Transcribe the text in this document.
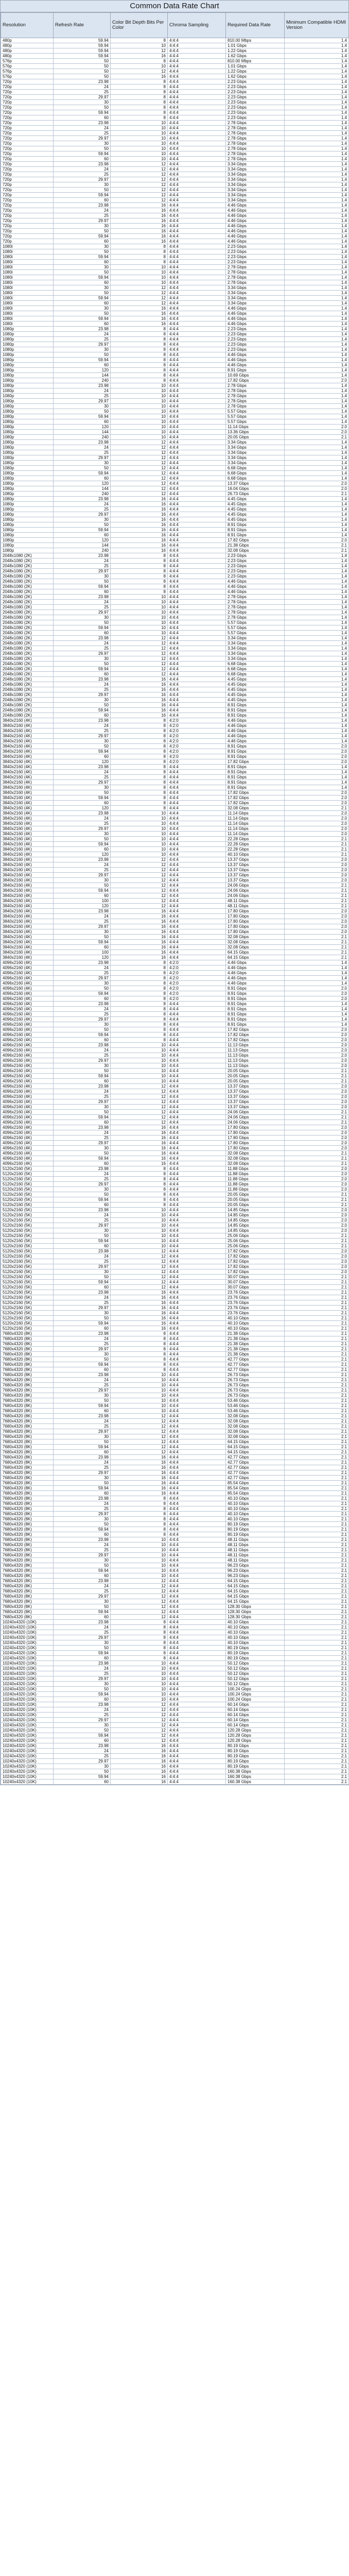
Common Data Rate Chart
Resolution	Refresh Rate	Color Bit Depth Bits Per Color	Chroma Sampling	Required Data Rate	Minimum Compatible HDMI Version
480p	59.94	8	4:4:4	810.00 Mbps	1.4
480p	59.94	10	4:4:4	1.01 Gbps	1.4
480p	59.94	12	4:4:4	1.22 Gbps	1.4
480p	59.94	16	4:4:4	1.62 Gbps	1.4
576p	50	8	4:4:4	810.00 Mbps	1.4
576p	50	10	4:4:4	1.01 Gbps	1.4
576p	50	12	4:4:4	1.22 Gbps	1.4
576p	50	16	4:4:4	1.62 Gbps	1.4
720p	23.98	8	4:4:4	2.23 Gbps	1.4
720p	24	8	4:4:4	2.23 Gbps	1.4
720p	25	8	4:4:4	2.23 Gbps	1.4
720p	29.97	8	4:4:4	2.23 Gbps	1.4
720p	30	8	4:4:4	2.23 Gbps	1.4
720p	50	8	4:4:4	2.23 Gbps	1.4
720p	59.94	8	4:4:4	2.23 Gbps	1.4
720p	60	8	4:4:4	2.23 Gbps	1.4
720p	23.98	10	4:4:4	2.78 Gbps	1.4
720p	24	10	4:4:4	2.78 Gbps	1.4
720p	25	10	4:4:4	2.78 Gbps	1.4
720p	29.97	10	4:4:4	2.78 Gbps	1.4
720p	30	10	4:4:4	2.78 Gbps	1.4
720p	50	10	4:4:4	2.78 Gbps	1.4
720p	59.94	10	4:4:4	2.78 Gbps	1.4
720p	60	10	4:4:4	2.78 Gbps	1.4
720p	23.98	12	4:4:4	3.34 Gbps	1.4
720p	24	12	4:4:4	3.34 Gbps	1.4
720p	25	12	4:4:4	3.34 Gbps	1.4
720p	29.97	12	4:4:4	3.34 Gbps	1.4
720p	30	12	4:4:4	3.34 Gbps	1.4
720p	50	12	4:4:4	3.34 Gbps	1.4
720p	59.94	12	4:4:4	3.34 Gbps	1.4
720p	60	12	4:4:4	3.34 Gbps	1.4
720p	23.98	16	4:4:4	4.46 Gbps	1.4
720p	24	16	4:4:4	4.46 Gbps	1.4
720p	25	16	4:4:4	4.46 Gbps	1.4
720p	29.97	16	4:4:4	4.46 Gbps	1.4
720p	30	16	4:4:4	4.46 Gbps	1.4
720p	50	16	4:4:4	4.46 Gbps	1.4
720p	59.94	16	4:4:4	4.46 Gbps	1.4
720p	60	16	4:4:4	4.46 Gbps	1.4
1080i	30	8	4:4:4	2.23 Gbps	1.4
1080i	50	8	4:4:4	2.23 Gbps	1.4
1080i	59.94	8	4:4:4	2.23 Gbps	1.4
1080i	60	8	4:4:4	2.23 Gbps	1.4
1080i	30	10	4:4:4	2.78 Gbps	1.4
1080i	50	10	4:4:4	2.78 Gbps	1.4
1080i	59.94	10	4:4:4	2.78 Gbps	1.4
1080i	60	10	4:4:4	2.78 Gbps	1.4
1080i	30	12	4:4:4	3.34 Gbps	1.4
1080i	50	12	4:4:4	3.34 Gbps	1.4
1080i	59.94	12	4:4:4	3.34 Gbps	1.4
1080i	60	12	4:4:4	3.34 Gbps	1.4
1080i	30	16	4:4:4	4.46 Gbps	1.4
1080i	50	16	4:4:4	4.46 Gbps	1.4
1080i	59.94	16	4:4:4	4.46 Gbps	1.4
1080i	60	16	4:4:4	4.46 Gbps	1.4
1080p	23.98	8	4:4:4	2.23 Gbps	1.4
1080p	24	8	4:4:4	2.23 Gbps	1.4
1080p	25	8	4:4:4	2.23 Gbps	1.4
1080p	29.97	8	4:4:4	2.23 Gbps	1.4
1080p	30	8	4:4:4	2.23 Gbps	1.4
1080p	50	8	4:4:4	4.46 Gbps	1.4
1080p	59.94	8	4:4:4	4.46 Gbps	1.4
1080p	60	8	4:4:4	4.46 Gbps	1.4
1080p	120	8	4:4:4	8.91 Gbps	1.4
1080p	144	8	4:4:4	10.69 Gbps	1.4
1080p	240	8	4:4:4	17.82 Gbps	2.0
1080p	23.98	10	4:4:4	2.78 Gbps	1.4
1080p	24	10	4:4:4	2.78 Gbps	1.4
1080p	25	10	4:4:4	2.78 Gbps	1.4
1080p	29.97	10	4:4:4	2.78 Gbps	1.4
1080p	30	10	4:4:4	2.78 Gbps	1.4
1080p	50	10	4:4:4	5.57 Gbps	1.4
1080p	59.94	10	4:4:4	5.57 Gbps	1.4
1080p	60	10	4:4:4	5.57 Gbps	1.4
1080p	120	10	4:4:4	11.14 Gbps	2.0
1080p	144	10	4:4:4	13.36 Gbps	2.0
1080p	240	10	4:4:4	20.05 Gbps	2.1
1080p	23.98	12	4:4:4	3.34 Gbps	1.4
1080p	24	12	4:4:4	3.34 Gbps	1.4
1080p	25	12	4:4:4	3.34 Gbps	1.4
1080p	29.97	12	4:4:4	3.34 Gbps	1.4
1080p	30	12	4:4:4	3.34 Gbps	1.4
1080p	50	12	4:4:4	6.68 Gbps	1.4
1080p	59.94	12	4:4:4	6.68 Gbps	1.4
1080p	60	12	4:4:4	6.68 Gbps	1.4
1080p	120	12	4:4:4	13.37 Gbps	2.0
1080p	144	12	4:4:4	16.04 Gbps	2.0
1080p	240	12	4:4:4	26.73 Gbps	2.1
1080p	23.98	16	4:4:4	4.45 Gbps	1.4
1080p	24	16	4:4:4	4.45 Gbps	1.4
1080p	25	16	4:4:4	4.45 Gbps	1.4
1080p	29.97	16	4:4:4	4.45 Gbps	1.4
1080p	30	16	4:4:4	4.45 Gbps	1.4
1080p	50	16	4:4:4	8.91 Gbps	1.4
1080p	59.94	16	4:4:4	8.91 Gbps	1.4
1080p	60	16	4:4:4	8.91 Gbps	1.4
1080p	120	16	4:4:4	17.82 Gbps	2.0
1080p	144	16	4:4:4	21.38 Gbps	2.1
1080p	240	16	4:4:4	32.08 Gbps	2.1
2048x1080 (2K)	23.98	8	4:4:4	2.23 Gbps	1.4
2048x1080 (2K)	24	8	4:4:4	2.23 Gbps	1.4
2048x1080 (2K)	25	8	4:4:4	2.23 Gbps	1.4
2048x1080 (2K)	29.97	8	4:4:4	2.23 Gbps	1.4
2048x1080 (2K)	30	8	4:4:4	2.23 Gbps	1.4
2048x1080 (2K)	50	8	4:4:4	4.46 Gbps	1.4
2048x1080 (2K)	59.94	8	4:4:4	4.46 Gbps	1.4
2048x1080 (2K)	60	8	4:4:4	4.46 Gbps	1.4
2048x1080 (2K)	23.98	10	4:4:4	2.78 Gbps	1.4
2048x1080 (2K)	24	10	4:4:4	2.78 Gbps	1.4
2048x1080 (2K)	25	10	4:4:4	2.78 Gbps	1.4
2048x1080 (2K)	29.97	10	4:4:4	2.78 Gbps	1.4
2048x1080 (2K)	30	10	4:4:4	2.78 Gbps	1.4
2048x1080 (2K)	50	10	4:4:4	5.57 Gbps	1.4
2048x1080 (2K)	59.94	10	4:4:4	5.57 Gbps	1.4
2048x1080 (2K)	60	10	4:4:4	5.57 Gbps	1.4
2048x1080 (2K)	23.98	12	4:4:4	3.34 Gbps	1.4
2048x1080 (2K)	24	12	4:4:4	3.34 Gbps	1.4
2048x1080 (2K)	25	12	4:4:4	3.34 Gbps	1.4
2048x1080 (2K)	29.97	12	4:4:4	3.34 Gbps	1.4
2048x1080 (2K)	30	12	4:4:4	3.34 Gbps	1.4
2048x1080 (2K)	50	12	4:4:4	6.68 Gbps	1.4
2048x1080 (2K)	59.94	12	4:4:4	6.68 Gbps	1.4
2048x1080 (2K)	60	12	4:4:4	6.68 Gbps	1.4
2048x1080 (2K)	23.98	16	4:4:4	4.45 Gbps	1.4
2048x1080 (2K)	24	16	4:4:4	4.45 Gbps	1.4
2048x1080 (2K)	25	16	4:4:4	4.45 Gbps	1.4
2048x1080 (2K)	29.97	16	4:4:4	4.45 Gbps	1.4
2048x1080 (2K)	30	16	4:4:4	4.45 Gbps	1.4
2048x1080 (2K)	50	16	4:4:4	8.91 Gbps	1.4
2048x1080 (2K)	59.94	16	4:4:4	8.91 Gbps	1.4
2048x1080 (2K)	60	16	4:4:4	8.91 Gbps	1.4
3840x2160 (4K)	23.98	8	4:2:0	4.46 Gbps	1.4
3840x2160 (4K)	24	8	4:2:0	4.46 Gbps	1.4
3840x2160 (4K)	25	8	4:2:0	4.46 Gbps	1.4
3840x2160 (4K)	29.97	8	4:2:0	4.46 Gbps	1.4
3840x2160 (4K)	30	8	4:2:0	4.46 Gbps	1.4
3840x2160 (4K)	50	8	4:2:0	8.91 Gbps	2.0
3840x2160 (4K)	59.94	8	4:2:0	8.91 Gbps	2.0
3840x2160 (4K)	60	8	4:2:0	8.91 Gbps	2.0
3840x2160 (4K)	120	8	4:2:0	17.82 Gbps	2.0
3840x2160 (4K)	23.98	8	4:4:4	8.91 Gbps	1.4
3840x2160 (4K)	24	8	4:4:4	8.91 Gbps	1.4
3840x2160 (4K)	25	8	4:4:4	8.91 Gbps	1.4
3840x2160 (4K)	29.97	8	4:4:4	8.91 Gbps	1.4
3840x2160 (4K)	30	8	4:4:4	8.91 Gbps	1.4
3840x2160 (4K)	50	8	4:4:4	17.82 Gbps	2.0
3840x2160 (4K)	59.94	8	4:4:4	17.82 Gbps	2.0
3840x2160 (4K)	60	8	4:4:4	17.82 Gbps	2.0
3840x2160 (4K)	120	8	4:4:4	32.08 Gbps	2.1
3840x2160 (4K)	23.98	10	4:4:4	11.14 Gbps	2.0
3840x2160 (4K)	24	10	4:4:4	11.14 Gbps	2.0
3840x2160 (4K)	25	10	4:4:4	11.14 Gbps	2.0
3840x2160 (4K)	29.97	10	4:4:4	11.14 Gbps	2.0
3840x2160 (4K)	30	10	4:4:4	11.14 Gbps	2.0
3840x2160 (4K)	50	10	4:4:4	22.28 Gbps	2.1
3840x2160 (4K)	59.94	10	4:4:4	22.28 Gbps	2.1
3840x2160 (4K)	60	10	4:4:4	22.28 Gbps	2.1
3840x2160 (4K)	120	10	4:4:4	40.10 Gbps	2.1
3840x2160 (4K)	23.98	12	4:4:4	13.37 Gbps	2.0
3840x2160 (4K)	24	12	4:4:4	13.37 Gbps	2.0
3840x2160 (4K)	25	12	4:4:4	13.37 Gbps	2.0
3840x2160 (4K)	29.97	12	4:4:4	13.37 Gbps	2.0
3840x2160 (4K)	30	12	4:4:4	13.37 Gbps	2.0
3840x2160 (4K)	50	12	4:4:4	24.06 Gbps	2.1
3840x2160 (4K)	59.94	12	4:4:4	24.06 Gbps	2.1
3840x2160 (4K)	60	12	4:4:4	24.06 Gbps	2.1
3840x2160 (4K)	100	12	4:4:4	48.11 Gbps	2.1
3840x2160 (4K)	120	12	4:4:4	48.11 Gbps	2.1
3840x2160 (4K)	23.98	16	4:4:4	17.80 Gbps	2.0
3840x2160 (4K)	24	16	4:4:4	17.80 Gbps	2.0
3840x2160 (4K)	25	16	4:4:4	17.80 Gbps	2.0
3840x2160 (4K)	29.97	16	4:4:4	17.80 Gbps	2.0
3840x2160 (4K)	30	16	4:4:4	17.80 Gbps	2.0
3840x2160 (4K)	50	16	4:4:4	32.08 Gbps	2.1
3840x2160 (4K)	59.94	16	4:4:4	32.08 Gbps	2.1
3840x2160 (4K)	60	16	4:4:4	32.08 Gbps	2.1
3840x2160 (4K)	100	16	4:4:4	64.15 Gbps	2.1
3840x2160 (4K)	120	16	4:4:4	64.15 Gbps	2.1
4096x2160 (4K)	23.98	8	4:2:0	4.46 Gbps	1.4
4096x2160 (4K)	24	8	4:2:0	4.46 Gbps	1.4
4096x2160 (4K)	25	8	4:2:0	4.46 Gbps	1.4
4096x2160 (4K)	29.97	8	4:2:0	4.46 Gbps	1.4
4096x2160 (4K)	30	8	4:2:0	4.46 Gbps	1.4
4096x2160 (4K)	50	8	4:2:0	8.91 Gbps	2.0
4096x2160 (4K)	59.94	8	4:2:0	8.91 Gbps	2.0
4096x2160 (4K)	60	8	4:2:0	8.91 Gbps	2.0
4096x2160 (4K)	23.98	8	4:4:4	8.91 Gbps	1.4
4096x2160 (4K)	24	8	4:4:4	8.91 Gbps	1.4
4096x2160 (4K)	25	8	4:4:4	8.91 Gbps	1.4
4096x2160 (4K)	29.97	8	4:4:4	8.91 Gbps	1.4
4096x2160 (4K)	30	8	4:4:4	8.91 Gbps	1.4
4096x2160 (4K)	50	8	4:4:4	17.82 Gbps	2.0
4096x2160 (4K)	59.94	8	4:4:4	17.82 Gbps	2.0
4096x2160 (4K)	60	8	4:4:4	17.82 Gbps	2.0
4096x2160 (4K)	23.98	10	4:4:4	11.13 Gbps	2.0
4096x2160 (4K)	24	10	4:4:4	11.13 Gbps	2.0
4096x2160 (4K)	25	10	4:4:4	11.13 Gbps	2.0
4096x2160 (4K)	29.97	10	4:4:4	11.13 Gbps	2.0
4096x2160 (4K)	30	10	4:4:4	11.13 Gbps	2.0
4096x2160 (4K)	50	10	4:4:4	20.05 Gbps	2.1
4096x2160 (4K)	59.94	10	4:4:4	20.05 Gbps	2.1
4096x2160 (4K)	60	10	4:4:4	20.05 Gbps	2.1
4096x2160 (4K)	23.98	12	4:4:4	13.37 Gbps	2.0
4096x2160 (4K)	24	12	4:4:4	13.37 Gbps	2.0
4096x2160 (4K)	25	12	4:4:4	13.37 Gbps	2.0
4096x2160 (4K)	29.97	12	4:4:4	13.37 Gbps	2.0
4096x2160 (4K)	30	12	4:4:4	13.37 Gbps	2.0
4096x2160 (4K)	50	12	4:4:4	24.06 Gbps	2.1
4096x2160 (4K)	59.94	12	4:4:4	24.06 Gbps	2.1
4096x2160 (4K)	60	12	4:4:4	24.06 Gbps	2.1
4096x2160 (4K)	23.98	16	4:4:4	17.80 Gbps	2.0
4096x2160 (4K)	24	16	4:4:4	17.80 Gbps	2.0
4096x2160 (4K)	25	16	4:4:4	17.80 Gbps	2.0
4096x2160 (4K)	29.97	16	4:4:4	17.80 Gbps	2.0
4096x2160 (4K)	30	16	4:4:4	17.80 Gbps	2.0
4096x2160 (4K)	50	16	4:4:4	32.08 Gbps	2.1
4096x2160 (4K)	59.94	16	4:4:4	32.08 Gbps	2.1
4096x2160 (4K)	60	16	4:4:4	32.08 Gbps	2.1
5120x2160 (5K)	23.98	8	4:4:4	11.88 Gbps	2.0
5120x2160 (5K)	24	8	4:4:4	11.88 Gbps	2.0
5120x2160 (5K)	25	8	4:4:4	11.88 Gbps	2.0
5120x2160 (5K)	29.97	8	4:4:4	11.88 Gbps	2.0
5120x2160 (5K)	30	8	4:4:4	11.88 Gbps	2.0
5120x2160 (5K)	50	8	4:4:4	20.05 Gbps	2.1
5120x2160 (5K)	59.94	8	4:4:4	20.05 Gbps	2.1
5120x2160 (5K)	60	8	4:4:4	20.05 Gbps	2.1
5120x2160 (5K)	23.98	10	4:4:4	14.85 Gbps	2.0
5120x2160 (5K)	24	10	4:4:4	14.85 Gbps	2.0
5120x2160 (5K)	25	10	4:4:4	14.85 Gbps	2.0
5120x2160 (5K)	29.97	10	4:4:4	14.85 Gbps	2.0
5120x2160 (5K)	30	10	4:4:4	14.85 Gbps	2.0
5120x2160 (5K)	50	10	4:4:4	25.06 Gbps	2.1
5120x2160 (5K)	59.94	10	4:4:4	25.06 Gbps	2.1
5120x2160 (5K)	60	10	4:4:4	25.06 Gbps	2.1
5120x2160 (5K)	23.98	12	4:4:4	17.82 Gbps	2.0
5120x2160 (5K)	24	12	4:4:4	17.82 Gbps	2.0
5120x2160 (5K)	25	12	4:4:4	17.82 Gbps	2.0
5120x2160 (5K)	29.97	12	4:4:4	17.82 Gbps	2.0
5120x2160 (5K)	30	12	4:4:4	17.82 Gbps	2.0
5120x2160 (5K)	50	12	4:4:4	30.07 Gbps	2.1
5120x2160 (5K)	59.94	12	4:4:4	30.07 Gbps	2.1
5120x2160 (5K)	60	12	4:4:4	30.07 Gbps	2.1
5120x2160 (5K)	23.98	16	4:4:4	23.76 Gbps	2.1
5120x2160 (5K)	24	16	4:4:4	23.76 Gbps	2.1
5120x2160 (5K)	25	16	4:4:4	23.76 Gbps	2.1
5120x2160 (5K)	29.97	16	4:4:4	23.76 Gbps	2.1
5120x2160 (5K)	30	16	4:4:4	23.76 Gbps	2.1
5120x2160 (5K)	50	16	4:4:4	40.10 Gbps	2.1
5120x2160 (5K)	59.94	16	4:4:4	40.10 Gbps	2.1
5120x2160 (5K)	60	16	4:4:4	40.10 Gbps	2.1
7680x4320 (8K)	23.98	8	4:4:4	21.38 Gbps	2.1
7680x4320 (8K)	24	8	4:4:4	21.38 Gbps	2.1
7680x4320 (8K)	25	8	4:4:4	21.38 Gbps	2.1
7680x4320 (8K)	29.97	8	4:4:4	21.38 Gbps	2.1
7680x4320 (8K)	30	8	4:4:4	21.38 Gbps	2.1
7680x4320 (8K)	50	8	4:4:4	42.77 Gbps	2.1
7680x4320 (8K)	59.94	8	4:4:4	42.77 Gbps	2.1
7680x4320 (8K)	60	8	4:4:4	42.77 Gbps	2.1
7680x4320 (8K)	23.98	10	4:4:4	26.73 Gbps	2.1
7680x4320 (8K)	24	10	4:4:4	26.73 Gbps	2.1
7680x4320 (8K)	25	10	4:4:4	26.73 Gbps	2.1
7680x4320 (8K)	29.97	10	4:4:4	26.73 Gbps	2.1
7680x4320 (8K)	30	10	4:4:4	26.73 Gbps	2.1
7680x4320 (8K)	50	10	4:4:4	53.46 Gbps	2.1
7680x4320 (8K)	59.94	10	4:4:4	53.46 Gbps	2.1
7680x4320 (8K)	60	10	4:4:4	53.46 Gbps	2.1
7680x4320 (8K)	23.98	12	4:4:4	32.08 Gbps	2.1
7680x4320 (8K)	24	12	4:4:4	32.08 Gbps	2.1
7680x4320 (8K)	25	12	4:4:4	32.08 Gbps	2.1
7680x4320 (8K)	29.97	12	4:4:4	32.08 Gbps	2.1
7680x4320 (8K)	30	12	4:4:4	32.08 Gbps	2.1
7680x4320 (8K)	50	12	4:4:4	64.15 Gbps	2.1
7680x4320 (8K)	59.94	12	4:4:4	64.15 Gbps	2.1
7680x4320 (8K)	60	12	4:4:4	64.15 Gbps	2.1
7680x4320 (8K)	23.98	16	4:4:4	42.77 Gbps	2.1
7680x4320 (8K)	24	16	4:4:4	42.77 Gbps	2.1
7680x4320 (8K)	25	16	4:4:4	42.77 Gbps	2.1
7680x4320 (8K)	29.97	16	4:4:4	42.77 Gbps	2.1
7680x4320 (8K)	30	16	4:4:4	42.77 Gbps	2.1
7680x4320 (8K)	50	16	4:4:4	85.54 Gbps	2.1
7680x4320 (8K)	59.94	16	4:4:4	85.54 Gbps	2.1
7680x4320 (8K)	60	16	4:4:4	85.54 Gbps	2.1
7680x4320 (8K)	23.98	8	4:4:4	40.10 Gbps	2.1
7680x4320 (8K)	24	8	4:4:4	40.10 Gbps	2.1
7680x4320 (8K)	25	8	4:4:4	40.10 Gbps	2.1
7680x4320 (8K)	29.97	8	4:4:4	40.10 Gbps	2.1
7680x4320 (8K)	30	8	4:4:4	40.10 Gbps	2.1
7680x4320 (8K)	50	8	4:4:4	80.19 Gbps	2.1
7680x4320 (8K)	59.94	8	4:4:4	80.19 Gbps	2.1
7680x4320 (8K)	60	8	4:4:4	80.19 Gbps	2.1
7680x4320 (8K)	23.98	10	4:4:4	48.11 Gbps	2.1
7680x4320 (8K)	24	10	4:4:4	48.11 Gbps	2.1
7680x4320 (8K)	25	10	4:4:4	48.11 Gbps	2.1
7680x4320 (8K)	29.97	10	4:4:4	48.11 Gbps	2.1
7680x4320 (8K)	30	10	4:4:4	48.11 Gbps	2.1
7680x4320 (8K)	50	10	4:4:4	96.23 Gbps	2.1
7680x4320 (8K)	59.94	10	4:4:4	96.23 Gbps	2.1
7680x4320 (8K)	60	10	4:4:4	96.23 Gbps	2.1
7680x4320 (8K)	23.98	12	4:4:4	64.15 Gbps	2.1
7680x4320 (8K)	24	12	4:4:4	64.15 Gbps	2.1
7680x4320 (8K)	25	12	4:4:4	64.15 Gbps	2.1
7680x4320 (8K)	29.97	12	4:4:4	64.15 Gbps	2.1
7680x4320 (8K)	30	12	4:4:4	64.15 Gbps	2.1
7680x4320 (8K)	50	12	4:4:4	128.30 Gbps	2.1
7680x4320 (8K)	59.94	12	4:4:4	128.30 Gbps	2.1
7680x4320 (8K)	60	12	4:4:4	128.30 Gbps	2.1
10240x4320 (10K)	23.98	8	4:4:4	40.10 Gbps	2.1
10240x4320 (10K)	24	8	4:4:4	40.10 Gbps	2.1
10240x4320 (10K)	25	8	4:4:4	40.10 Gbps	2.1
10240x4320 (10K)	29.97	8	4:4:4	40.10 Gbps	2.1
10240x4320 (10K)	30	8	4:4:4	40.10 Gbps	2.1
10240x4320 (10K)	50	8	4:4:4	80.19 Gbps	2.1
10240x4320 (10K)	59.94	8	4:4:4	80.19 Gbps	2.1
10240x4320 (10K)	60	8	4:4:4	80.19 Gbps	2.1
10240x4320 (10K)	23.98	10	4:4:4	50.12 Gbps	2.1
10240x4320 (10K)	24	10	4:4:4	50.12 Gbps	2.1
10240x4320 (10K)	25	10	4:4:4	50.12 Gbps	2.1
10240x4320 (10K)	29.97	10	4:4:4	50.12 Gbps	2.1
10240x4320 (10K)	30	10	4:4:4	50.12 Gbps	2.1
10240x4320 (10K)	50	10	4:4:4	100.24 Gbps	2.1
10240x4320 (10K)	59.94	10	4:4:4	100.24 Gbps	2.1
10240x4320 (10K)	60	10	4:4:4	100.24 Gbps	2.1
10240x4320 (10K)	23.98	12	4:4:4	60.14 Gbps	2.1
10240x4320 (10K)	24	12	4:4:4	60.14 Gbps	2.1
10240x4320 (10K)	25	12	4:4:4	60.14 Gbps	2.1
10240x4320 (10K)	29.97	12	4:4:4	60.14 Gbps	2.1
10240x4320 (10K)	30	12	4:4:4	60.14 Gbps	2.1
10240x4320 (10K)	50	12	4:4:4	120.28 Gbps	2.1
10240x4320 (10K)	59.94	12	4:4:4	120.28 Gbps	2.1
10240x4320 (10K)	60	12	4:4:4	120.28 Gbps	2.1
10240x4320 (10K)	23.98	16	4:4:4	80.19 Gbps	2.1
10240x4320 (10K)	24	16	4:4:4	80.19 Gbps	2.1
10240x4320 (10K)	25	16	4:4:4	80.19 Gbps	2.1
10240x4320 (10K)	29.97	16	4:4:4	80.19 Gbps	2.1
10240x4320 (10K)	30	16	4:4:4	80.19 Gbps	2.1
10240x4320 (10K)	50	16	4:4:4	160.38 Gbps	2.1
10240x4320 (10K)	59.94	16	4:4:4	160.38 Gbps	2.1
10240x4320 (10K)	60	16	4:4:4	160.38 Gbps	2.1
